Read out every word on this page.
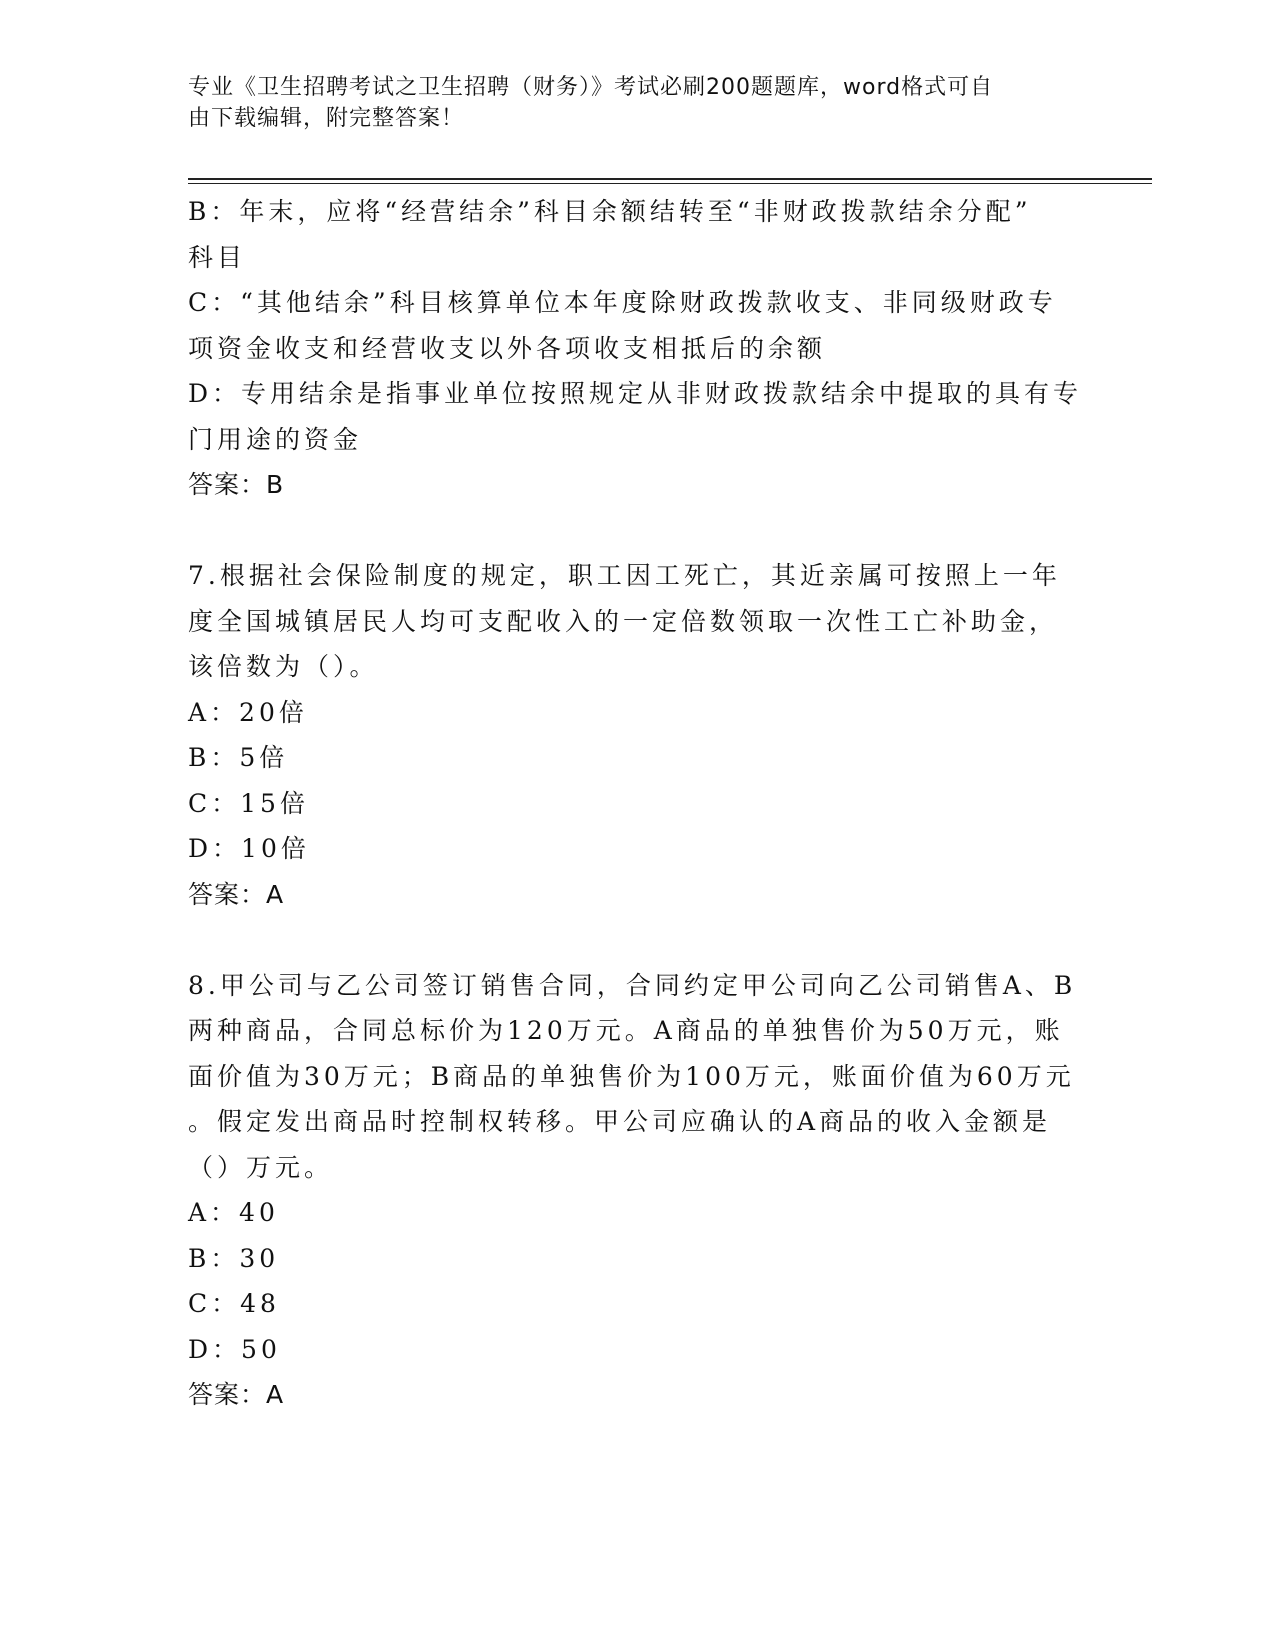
专业《卫生招聘考试之卫生招聘（财务）》考试必刷200题题库，word格式可自
由下载编辑，附完整答案！
B：年末，应将“经营结余”科目余额结转至“非财政拨款结余分配”
科目
C：“其他结余”科目核算单位本年度除财政拨款收支、非同级财政专
项资金收支和经营收支以外各项收支相抵后的余额
D：专用结余是指事业单位按照规定从非财政拨款结余中提取的具有专
门用途的资金
答案：B
7.根据社会保险制度的规定，职工因工死亡，其近亲属可按照上一年
度全国城镇居民人均可支配收入的一定倍数领取一次性工亡补助金，
该倍数为（）。
A：20倍
B：5倍
C：15倍
D：10倍
答案：A
8.甲公司与乙公司签订销售合同，合同约定甲公司向乙公司销售A、B
两种商品，合同总标价为120万元。A商品的单独售价为50万元，账
面价值为30万元；B商品的单独售价为100万元，账面价值为60万元
。假定发出商品时控制权转移。甲公司应确认的A商品的收入金额是
（）万元。
A：40
B：30
C：48
D：50
答案：A
